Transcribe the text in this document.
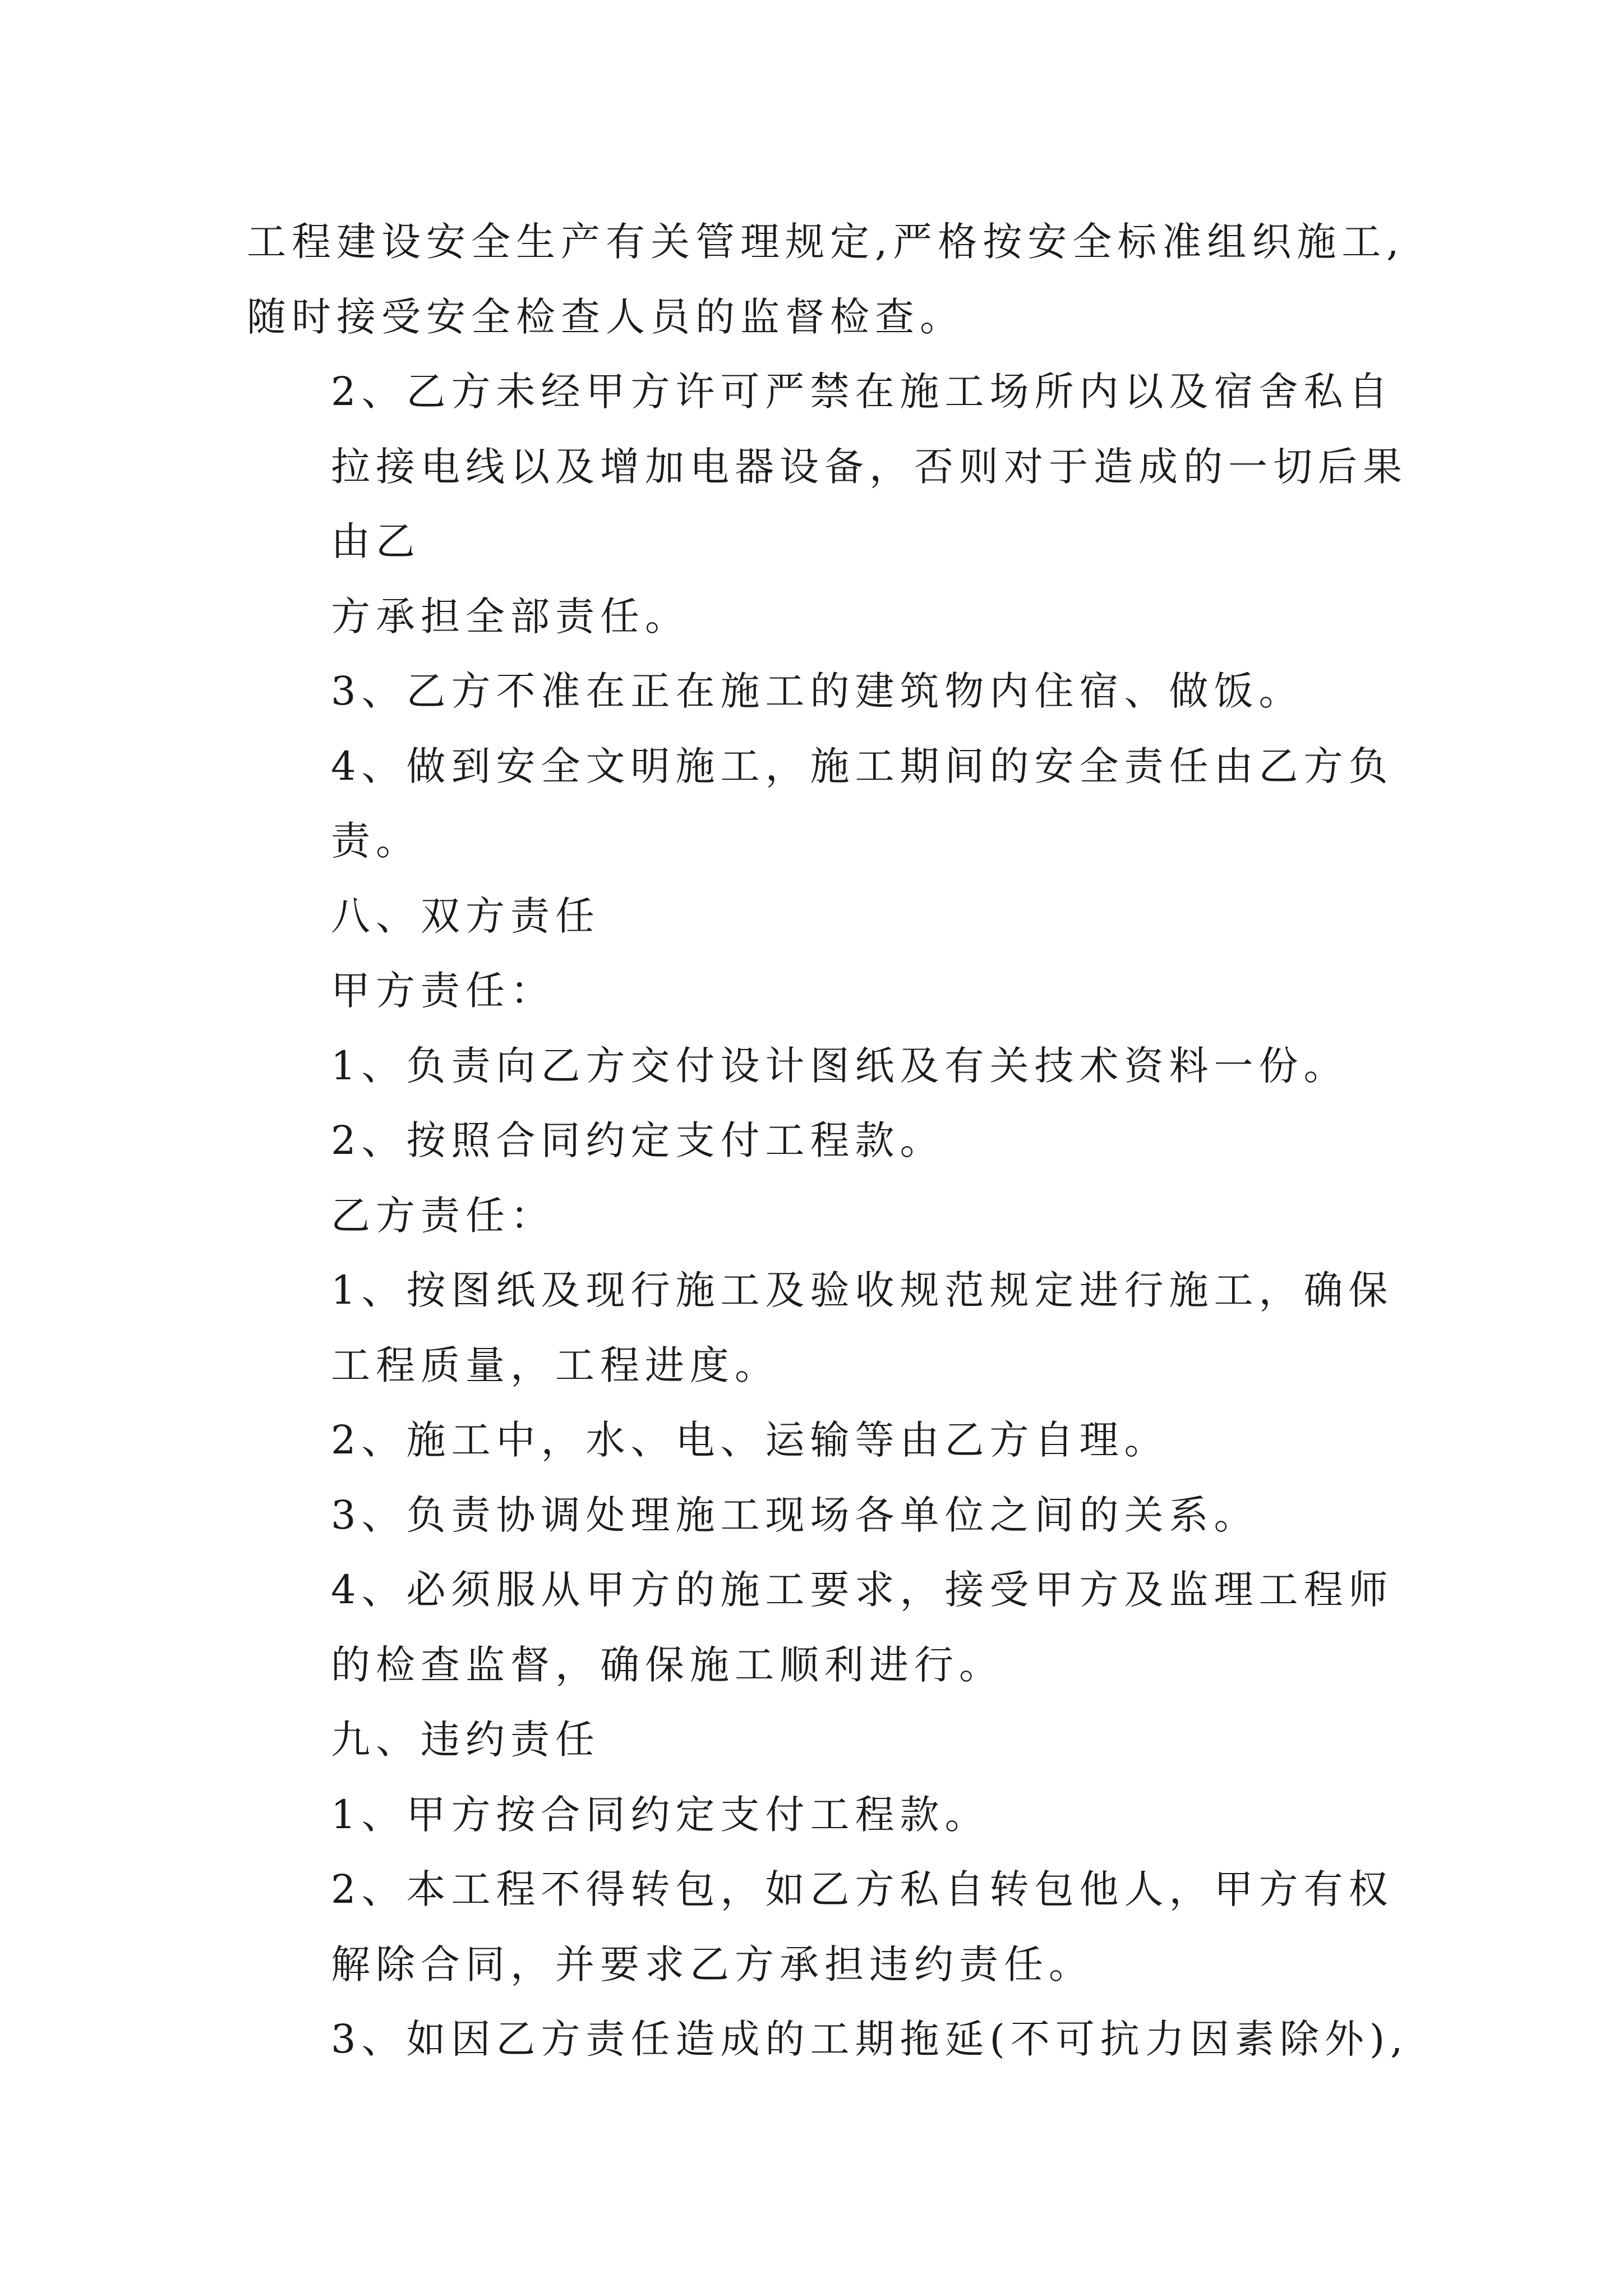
工程建设安全生产有关管理规定,严格按安全标准组织施工,
随时接受安全检查人员的监督检查。

2、乙方未经甲方许可严禁在施工场所内以及宿舍私自
拉接电线以及增加电器设备，否则对于造成的一切后果由乙
方承担全部责任。

3、乙方不准在正在施工的建筑物内住宿、做饭。

4、做到安全文明施工，施工期间的安全责任由乙方负
责。

八、双方责任

甲方责任：

1、负责向乙方交付设计图纸及有关技术资料一份。

2、按照合同约定支付工程款。

乙方责任：

1、按图纸及现行施工及验收规范规定进行施工，确保
工程质量，工程进度。

2、施工中，水、电、运输等由乙方自理。

3、负责协调处理施工现场各单位之间的关系。

4、必须服从甲方的施工要求，接受甲方及监理工程师
的检查监督，确保施工顺利进行。

九、违约责任

1、甲方按合同约定支付工程款。

2、本工程不得转包，如乙方私自转包他人，甲方有权
解除合同，并要求乙方承担违约责任。

3、如因乙方责任造成的工期拖延(不可抗力因素除外),
